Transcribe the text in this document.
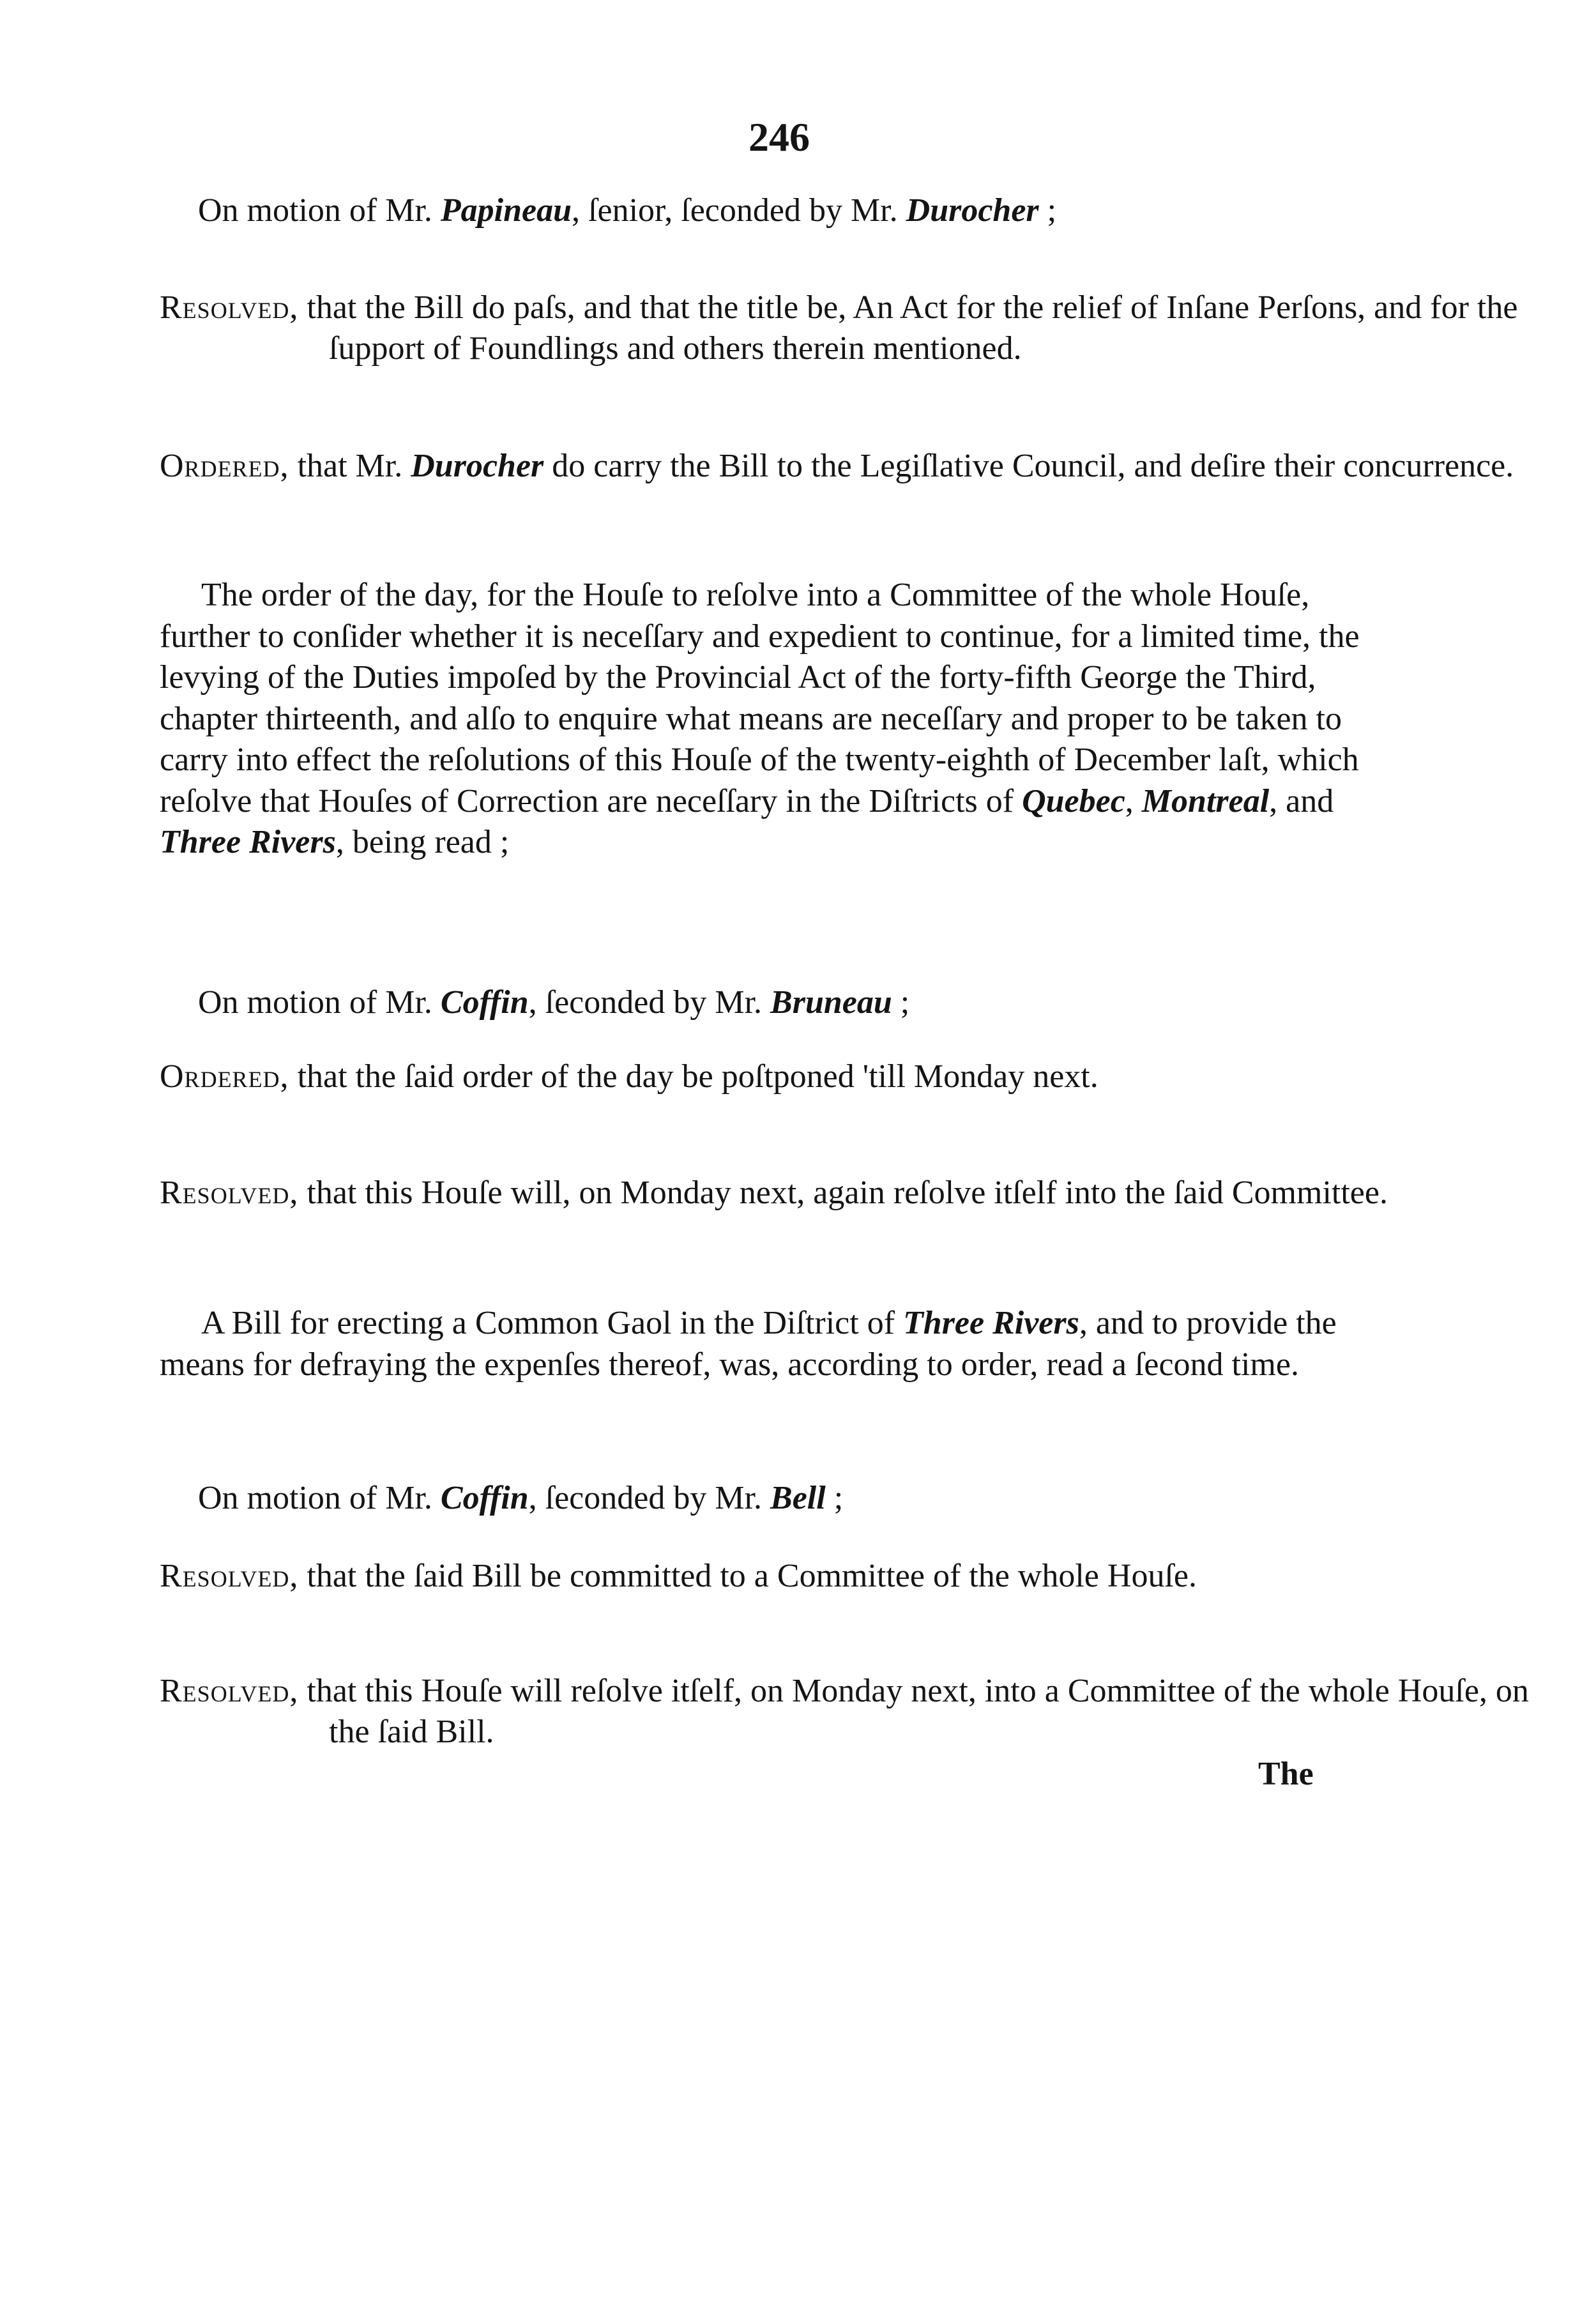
246

On motion of Mr. Papineau, ſenior, ſeconded by Mr. Durocher ;

Resolved, that the Bill do paſs, and that the title be, An Act for the relief of Inſane Perſons, and for the ſupport of Foundlings and others therein mentioned.

Ordered, that Mr. Durocher do carry the Bill to the Legiſlative Council, and deſire their concurrence.

The order of the day, for the Houſe to reſolve into a Committee of the whole Houſe, further to conſider whether it is neceſſary and expedient to continue, for a limited time, the levying of the Duties impoſed by the Provincial Act of the forty-fifth George the Third, chapter thirteenth, and alſo to enquire what means are neceſſary and proper to be taken to carry into effect the reſolutions of this Houſe of the twenty-eighth of December laſt, which reſolve that Houſes of Correction are neceſſary in the Diſtricts of Quebec, Montreal, and Three Rivers, being read ;

On motion of Mr. Coffin, ſeconded by Mr. Bruneau ;

Ordered, that the ſaid order of the day be poſtponed 'till Monday next.

Resolved, that this Houſe will, on Monday next, again reſolve itſelf into the ſaid Committee.

A Bill for erecting a Common Gaol in the Diſtrict of Three Rivers, and to provide the means for defraying the expenſes thereof, was, according to order, read a ſecond time.

On motion of Mr. Coffin, ſeconded by Mr. Bell ;

Resolved, that the ſaid Bill be committed to a Committee of the whole Houſe.

Resolved, that this Houſe will reſolve itſelf, on Monday next, into a Committee of the whole Houſe, on the ſaid Bill.

The
